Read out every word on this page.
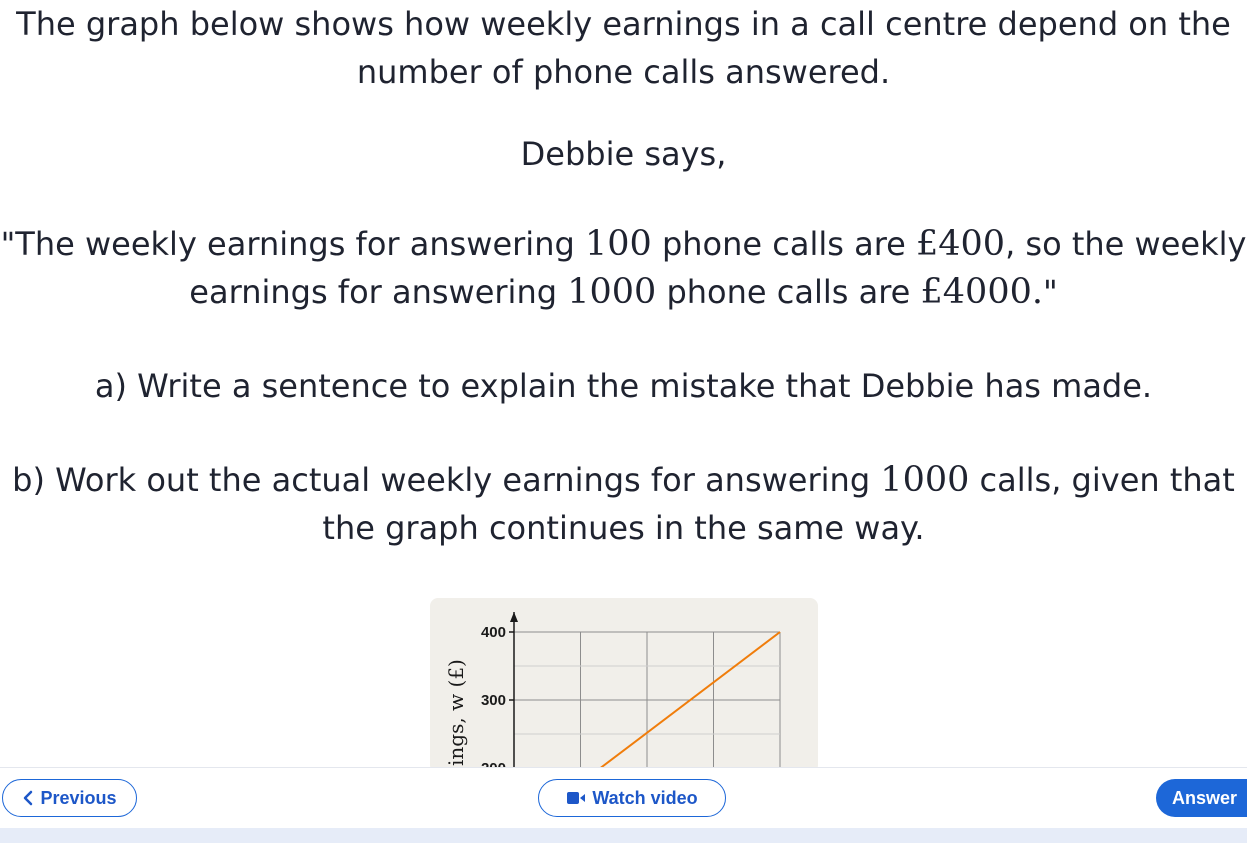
The graph below shows how weekly earnings in a call centre depend on the number of phone calls answered.

Debbie says,

"The weekly earnings for answering 100 phone calls are £400, so the weekly earnings for answering 1000 phone calls are £4000."

a) Write a sentence to explain the mistake that Debbie has made.

b) Work out the actual weekly earnings for answering 1000 calls, given that the graph continues in the same way.

400
300
ings, w (£)
Previous	Watch video	Answer
